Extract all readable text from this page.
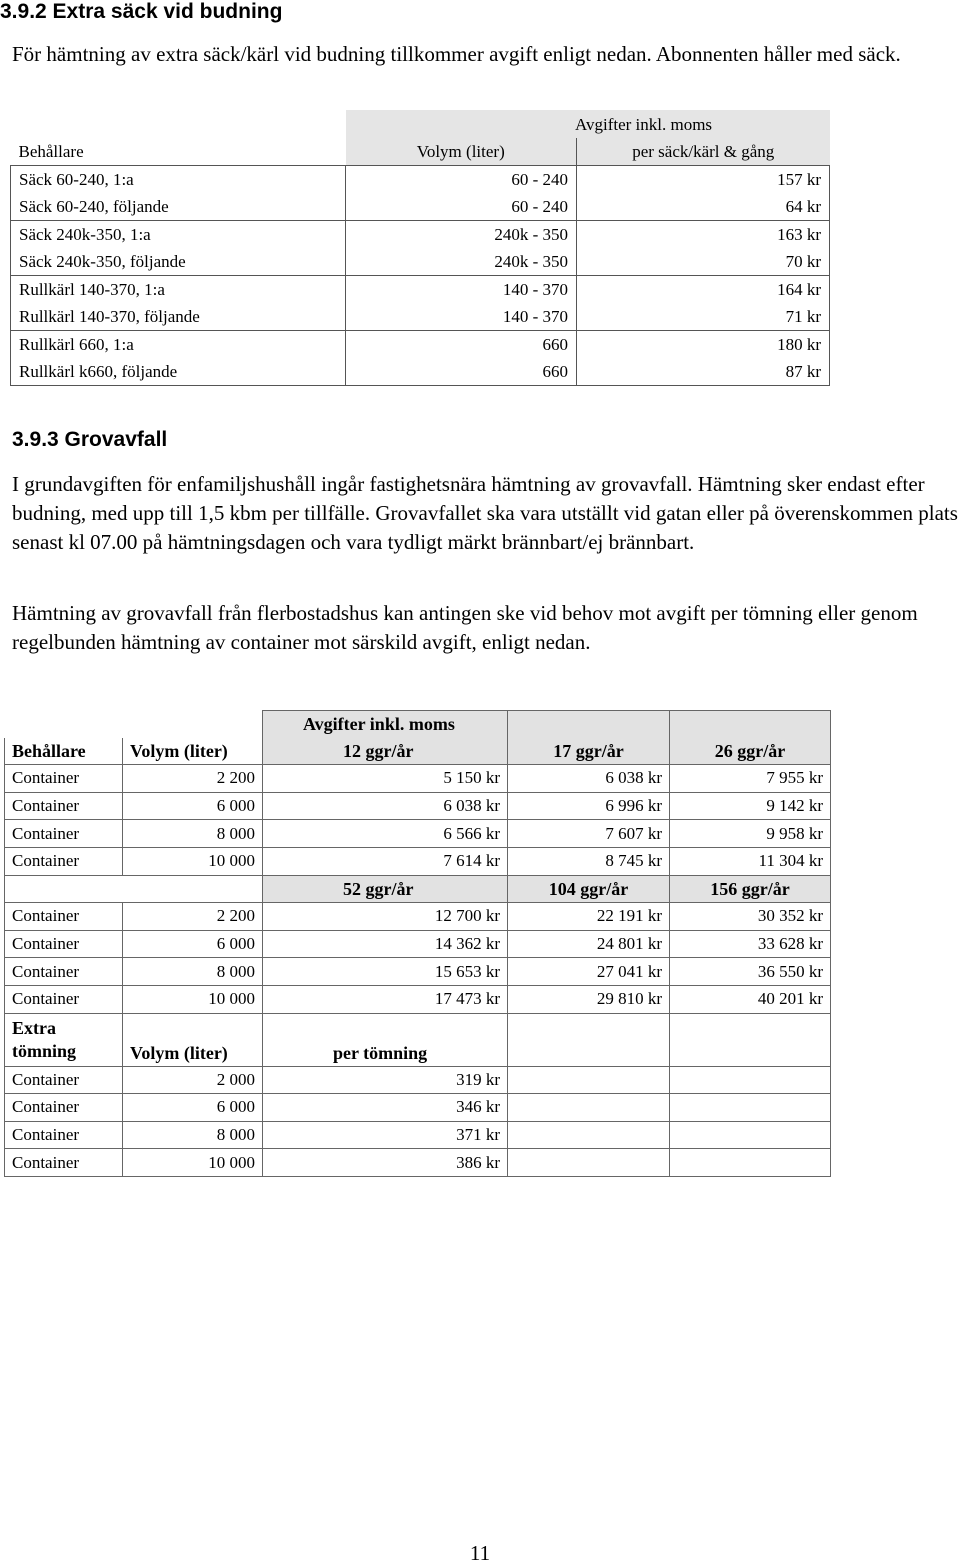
3.9.2 Extra säck vid budning

För hämtning av extra säck/kärl vid budning tillkommer avgift enligt nedan. Abonnenten håller med säck.

	Avgifter inkl. moms	
Behållare	Volym (liter)	per säck/kärl & gång
Säck 60-240, 1:a	60 - 240	157 kr
Säck 60-240, följande	60 - 240	64 kr
Säck 240k-350, 1:a	240k - 350	163 kr
Säck 240k-350, följande	240k - 350	70 kr
Rullkärl 140-370, 1:a	140 - 370	164 kr
Rullkärl 140-370, följande	140 - 370	71 kr
Rullkärl 660, 1:a	660	180 kr
Rullkärl k660, följande	660	87 kr
3.9.3 Grovavfall

I grundavgiften för enfamiljshushåll ingår fastighetsnära hämtning av grovavfall. Hämtning sker endast efter budning, med upp till 1,5 kbm per tillfälle. Grovavfallet ska vara utställt vid gatan eller på överenskommen plats senast kl 07.00 på hämtningsdagen och vara tydligt märkt brännbart/ej brännbart.

Hämtning av grovavfall från flerbostadshus kan antingen ske vid behov mot avgift per tömning eller genom regelbunden hämtning av container mot särskild avgift, enligt nedan.

		Avgifter inkl. moms		
Behållare	Volym (liter)	12 ggr/år	17 ggr/år	26 ggr/år
Container	2 200	5 150 kr	6 038 kr	7 955 kr
Container	6 000	6 038 kr	6 996 kr	9 142 kr
Container	8 000	6 566 kr	7 607 kr	9 958 kr
Container	10 000	7 614 kr	8 745 kr	11 304 kr
		52 ggr/år	104 ggr/år	156 ggr/år
Container	2 200	12 700 kr	22 191 kr	30 352 kr
Container	6 000	14 362 kr	24 801 kr	33 628 kr
Container	8 000	15 653 kr	27 041 kr	36 550 kr
Container	10 000	17 473 kr	29 810 kr	40 201 kr
Extra
tömning	Volym (liter)	per tömning		
Container	2 000	319 kr		
Container	6 000	346 kr		
Container	8 000	371 kr		
Container	10 000	386 kr		
11
